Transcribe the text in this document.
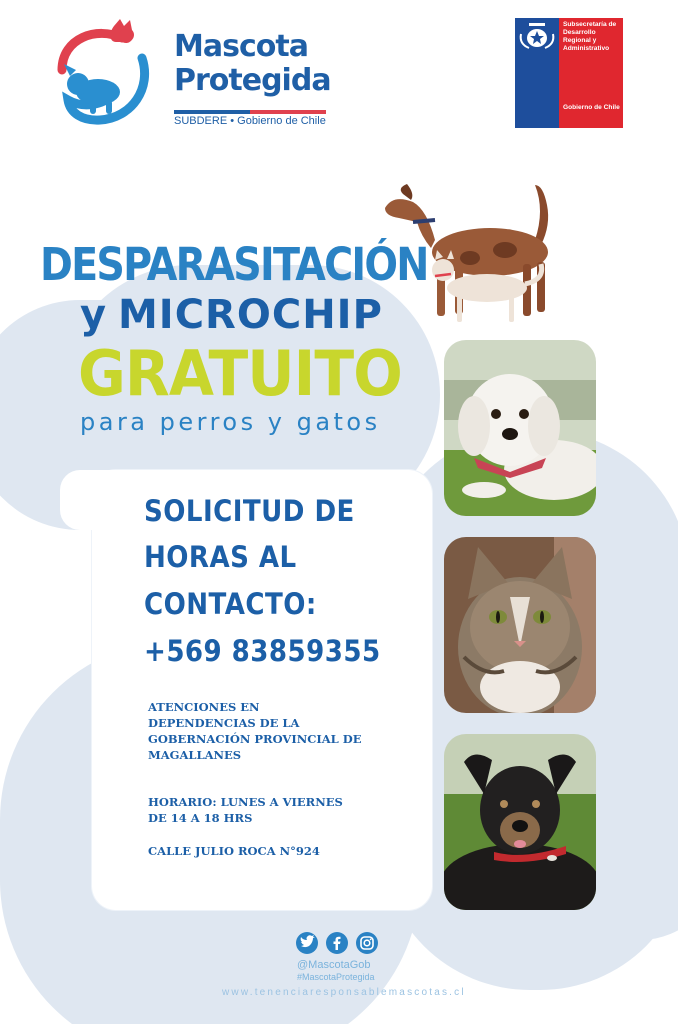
Mascota
Protegida
SUBDERE • Gobierno de Chile
Subsecretaría de Desarrollo Regional y Administrativo
Gobierno de Chile
DESPARASITACIÓN
y MICROCHIP
GRATUITO
para perros y gatos
SOLICITUD DE
HORAS AL
CONTACTO:
+569 83859355
ATENCIONES EN
DEPENDENCIAS DE LA
GOBERNACIÓN PROVINCIAL DE
MAGALLANES
HORARIO: LUNES A VIERNES
DE 14 A 18 HRS
CALLE JULIO ROCA N°924
@MascotaGob
#MascotaProtegida
www.tenenciaresponsablemascotas.cl
